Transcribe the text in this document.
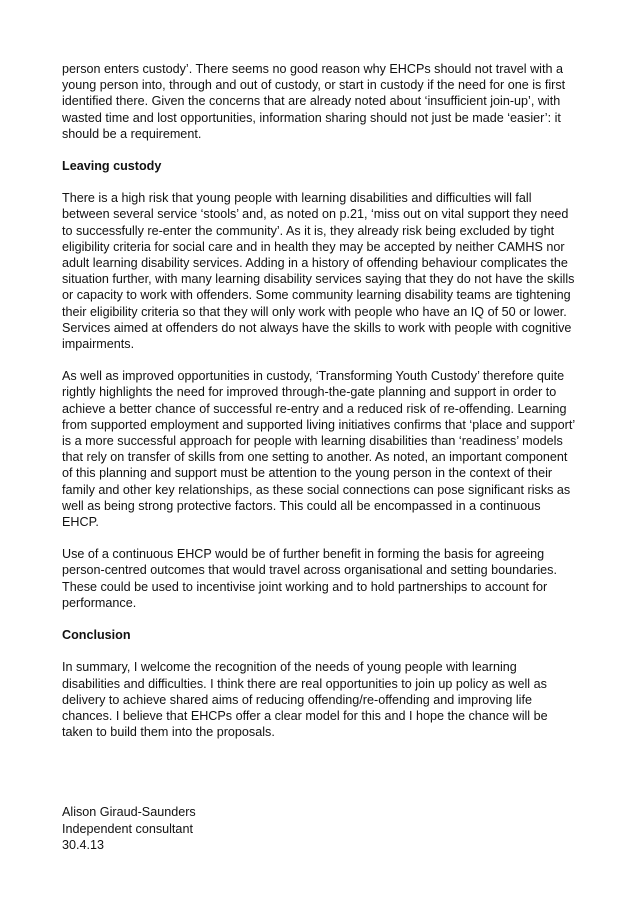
person enters custody’. There seems no good reason why EHCPs should not travel with a young person into, through and out of custody, or start in custody if the need for one is first identified there. Given the concerns that are already noted about ‘insufficient join-up’, with wasted time and lost opportunities, information sharing should not just be made ‘easier’: it should be a requirement.

Leaving custody

There is a high risk that young people with learning disabilities and difficulties will fall between several service ‘stools’ and, as noted on p.21, ‘miss out on vital support they need to successfully re-enter the community’. As it is, they already risk being excluded by tight eligibility criteria for social care and in health they may be accepted by neither CAMHS nor adult learning disability services. Adding in a history of offending behaviour complicates the situation further, with many learning disability services saying that they do not have the skills or capacity to work with offenders. Some community learning disability teams are tightening their eligibility criteria so that they will only work with people who have an IQ of 50 or lower. Services aimed at offenders do not always have the skills to work with people with cognitive impairments.

As well as improved opportunities in custody, ‘Transforming Youth Custody’ therefore quite rightly highlights the need for improved through-the-gate planning and support in order to achieve a better chance of successful re-entry and a reduced risk of re-offending. Learning from supported employment and supported living initiatives confirms that ‘place and support’ is a more successful approach for people with learning disabilities than ‘readiness’ models that rely on transfer of skills from one setting to another. As noted, an important component of this planning and support must be attention to the young person in the context of their family and other key relationships, as these social connections can pose significant risks as well as being strong protective factors. This could all be encompassed in a continuous EHCP.

Use of a continuous EHCP would be of further benefit in forming the basis for agreeing person-centred outcomes that would travel across organisational and setting boundaries. These could be used to incentivise joint working and to hold partnerships to account for performance.

Conclusion

In summary, I welcome the recognition of the needs of young people with learning disabilities and difficulties. I think there are real opportunities to join up policy as well as delivery to achieve shared aims of reducing offending/re-offending and improving life chances. I believe that EHCPs offer a clear model for this and I hope the chance will be taken to build them into the proposals.

Alison Giraud-Saunders
Independent consultant
30.4.13
